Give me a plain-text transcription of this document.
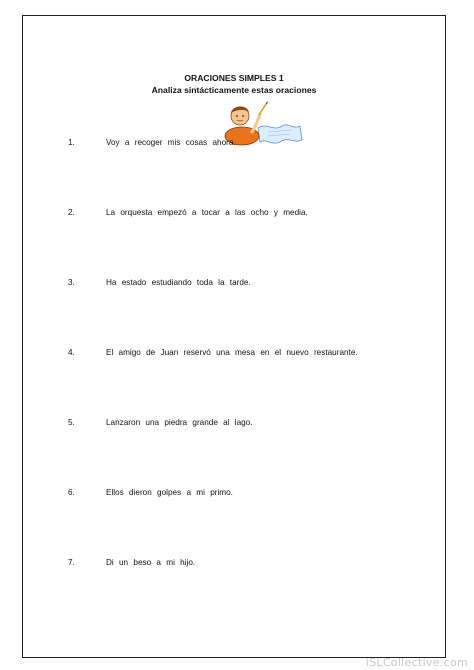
ORACIONES SIMPLES 1
Analiza sintácticamente estas oraciones
1.	Voy a recoger mis cosas ahora.
2.	La orquesta empezó a tocar a las ocho y media.
3.	Ha estado estudiando toda la tarde.
4.	El amigo de Juan reservó una mesa en el nuevo restaurante.
5.	Lanzaron una piedra grande al lago.
6.	Ellos dieron golpes a mi primo.
7.	Di un beso a mi hijo.
iSLCollective.com
